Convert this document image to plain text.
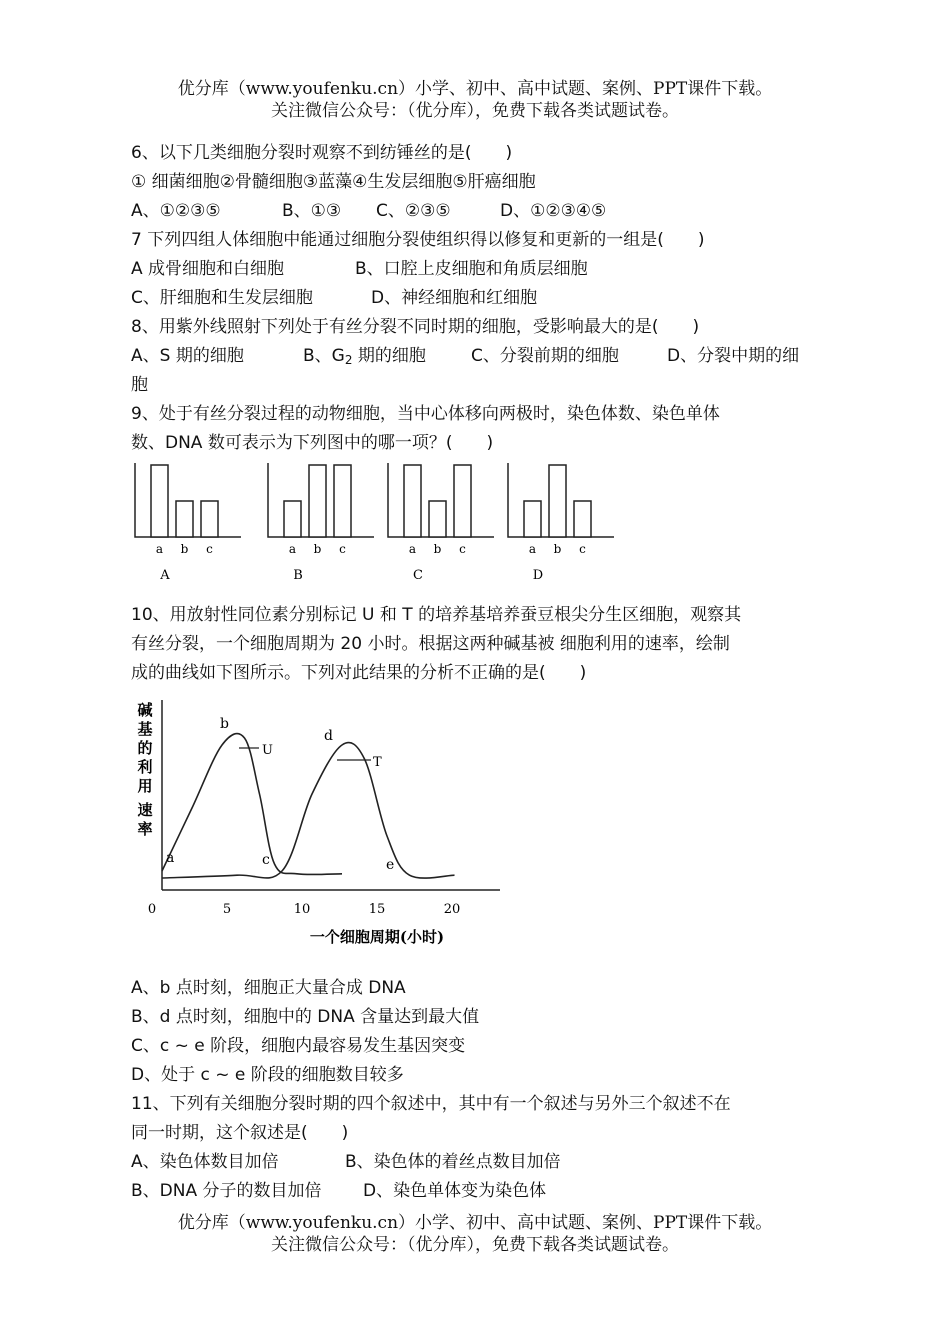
优分库（www.youfenku.cn）小学、初中、高中试题、案例、PPT课件下载。
关注微信公众号：（优分库），免费下载各类试题试卷。
6、以下几类细胞分裂时观察不到纺锤丝的是(　　)
① 细菌细胞②骨髓细胞③蓝藻④生发层细胞⑤肝癌细胞
A、①②③⑤	B、①③ C、②③⑤	D、①②③④⑤
7 下列四组人体细胞中能通过细胞分裂使组织得以修复和更新的一组是(　　)
A 成骨细胞和白细胞	B、口腔上皮细胞和角质层细胞
C、肝细胞和生发层细胞	D、神经细胞和红细胞
8、用紫外线照射下列处于有丝分裂不同时期的细胞，受影响最大的是(　　)
A、S 期的细胞	B、$G_2$ 期的细胞	C、分裂前期的细胞	D、分裂中期的细
胞
9、处于有丝分裂过程的动物细胞，当中心体移向两极时，染色体数、染色单体
数、DNA 数可表示为下列图中的哪一项？(　　)
a b c
A
a b c
B
a b c
C
a b c
D
10、用放射性同位素分别标记 U 和 T 的培养基培养蚕豆根尖分生区细胞，观察其
有丝分裂，一个细胞周期为 20 小时。根据这两种碱基被 细胞利用的速率，绘制
成的曲线如下图所示。下列对此结果的分析不正确的是(　　)
碱
基
的
利
用
速
率
0	5	10	15	20
a
b
c
d
e
U
T
一个细胞周期(小时)
A、b 点时刻，细胞正大量合成 DNA
B、d 点时刻，细胞中的 DNA 含量达到最大值
C、c ~ e 阶段，细胞内最容易发生基因突变
D、处于 c ~ e 阶段的细胞数目较多
11、下列有关细胞分裂时期的四个叙述中，其中有一个叙述与另外三个叙述不在
同一时期，这个叙述是(　　)
A、染色体数目加倍	B、染色体的着丝点数目加倍
B、DNA 分子的数目加倍 D、染色单体变为染色体
优分库（www.youfenku.cn）小学、初中、高中试题、案例、PPT课件下载。
关注微信公众号：（优分库），免费下载各类试题试卷。
